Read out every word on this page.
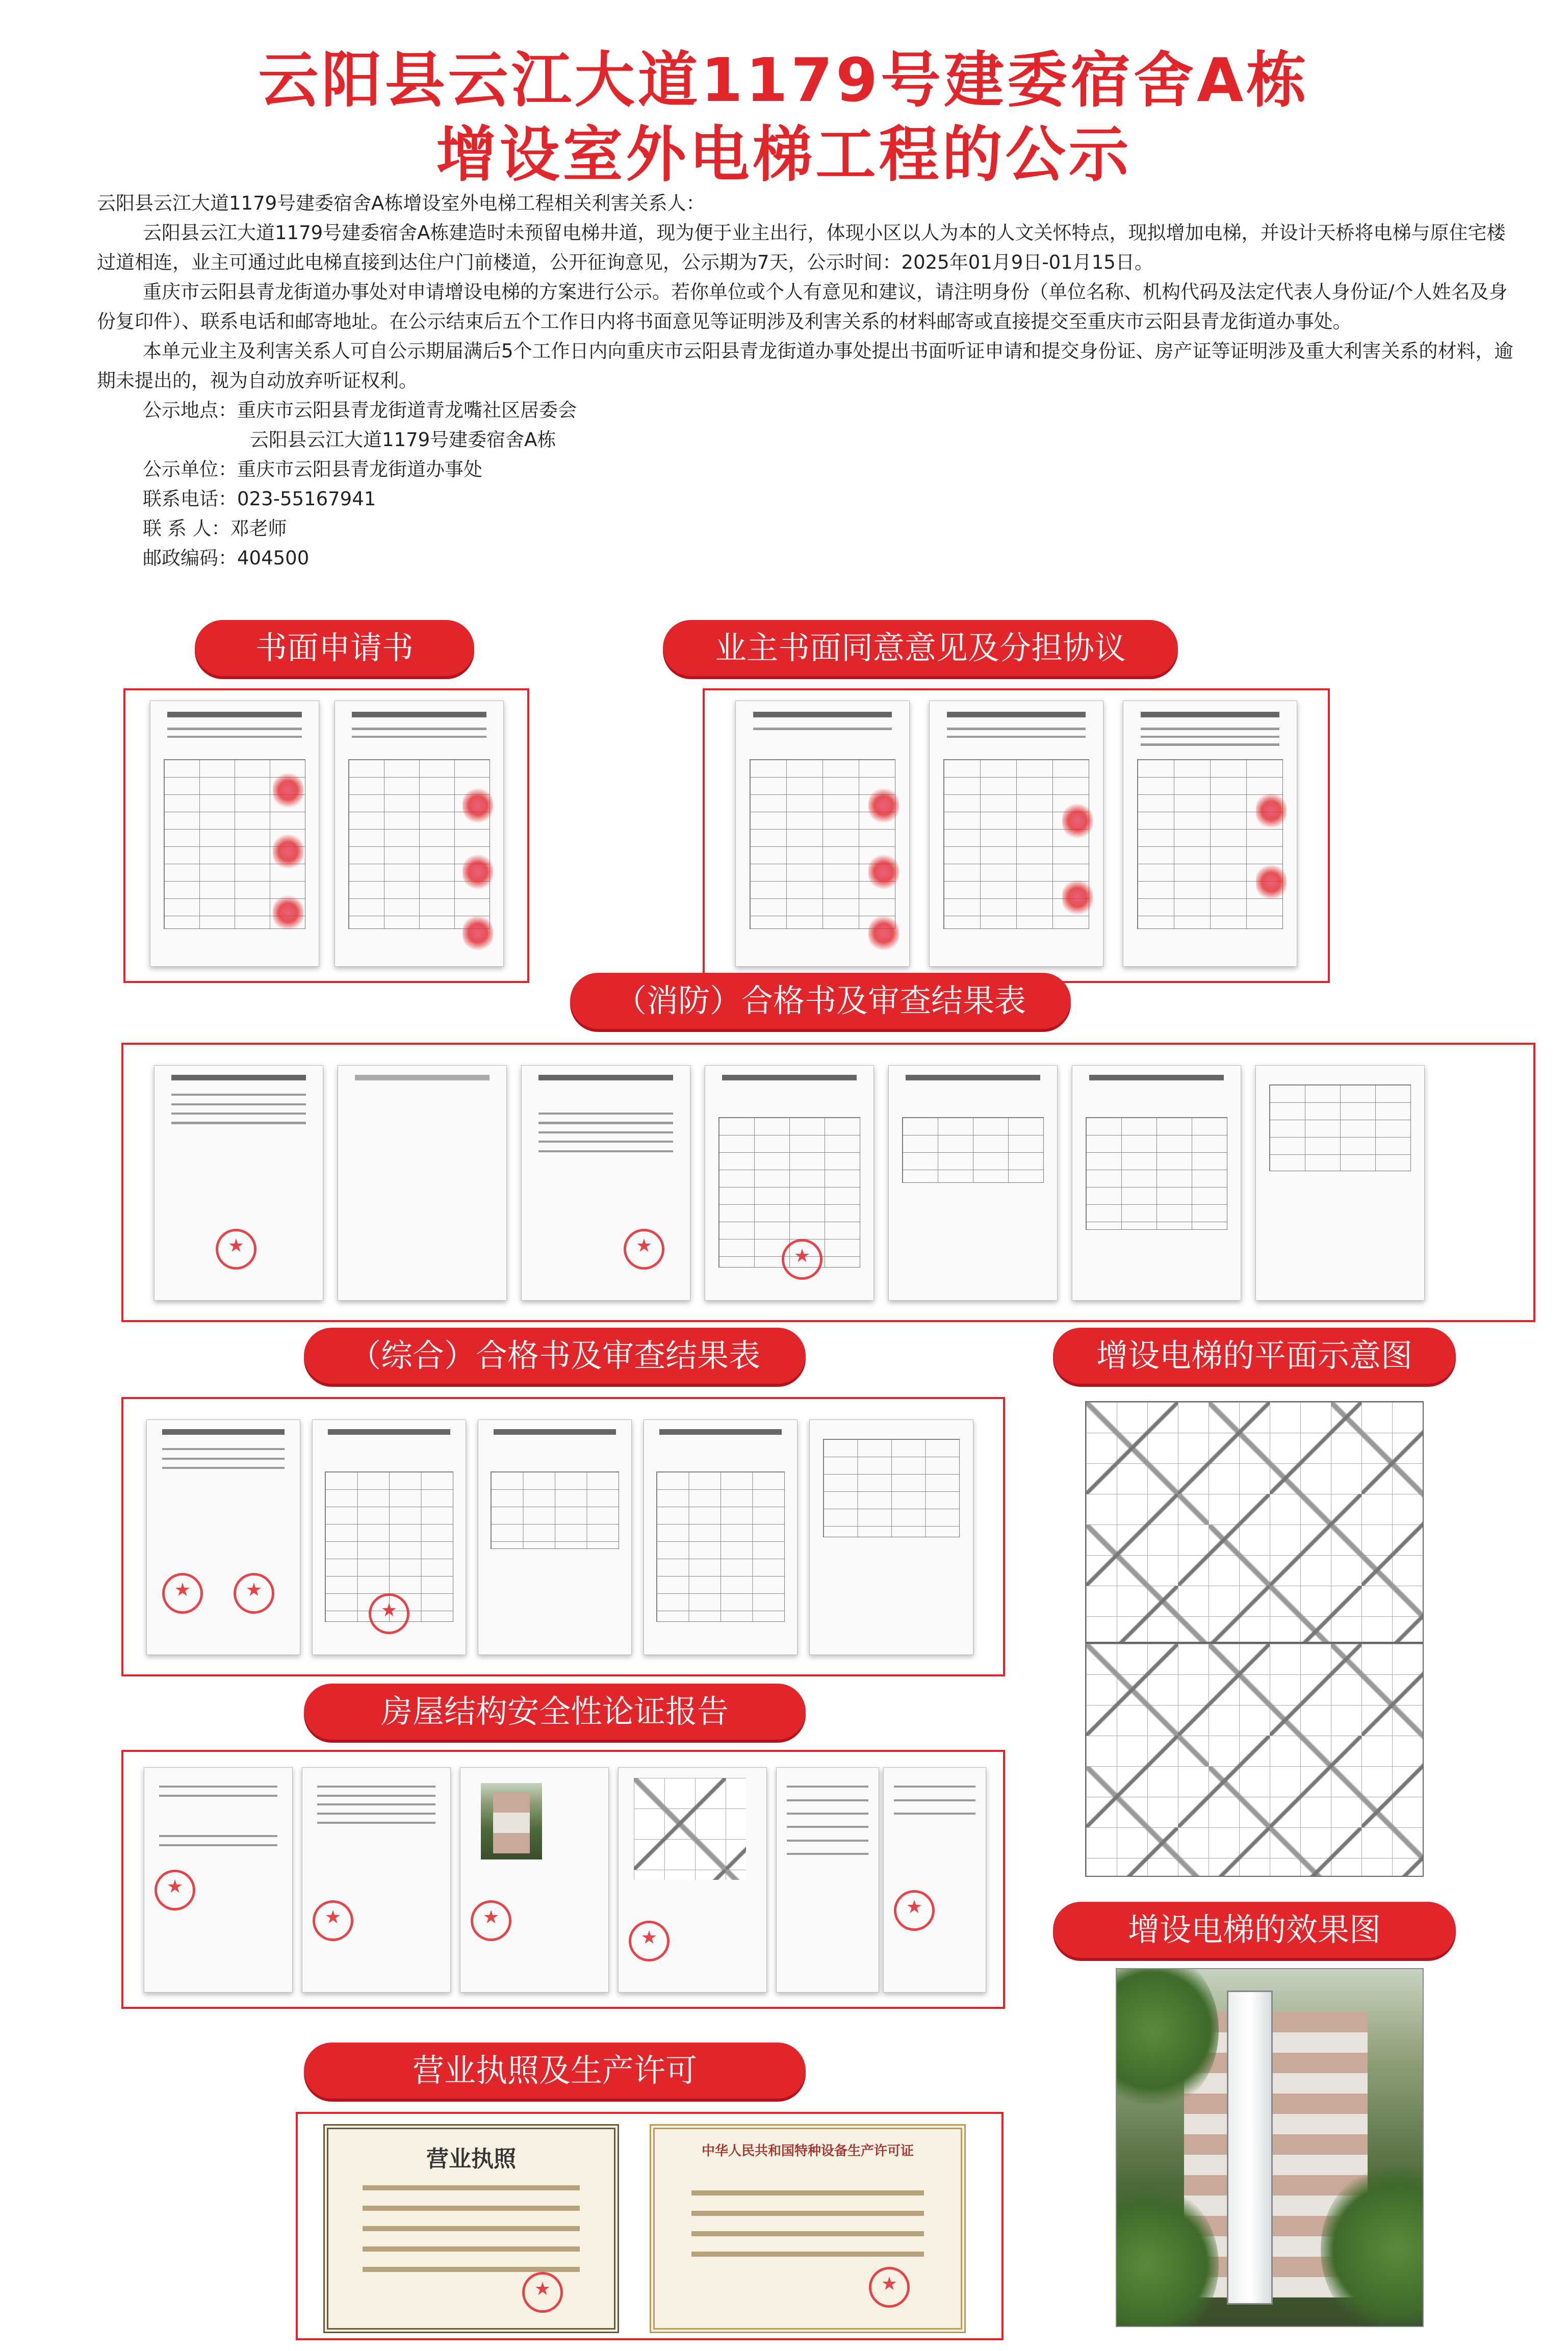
云阳县云江大道1179号建委宿舍A栋
增设室外电梯工程的公示

云阳县云江大道1179号建委宿舍A栋增设室外电梯工程相关利害关系人：

云阳县云江大道1179号建委宿舍A栋建造时未预留电梯井道，现为便于业主出行，体现小区以人为本的人文关怀特点，现拟增加电梯，并设计天桥将电梯与原住宅楼过道相连，业主可通过此电梯直接到达住户门前楼道，公开征询意见，公示期为7天，公示时间：2025年01月9日-01月15日。

重庆市云阳县青龙街道办事处对申请增设电梯的方案进行公示。若你单位或个人有意见和建议，请注明身份（单位名称、机构代码及法定代表人身份证/个人姓名及身份复印件）、联系电话和邮寄地址。在公示结束后五个工作日内将书面意见等证明涉及利害关系的材料邮寄或直接提交至重庆市云阳县青龙街道办事处。

本单元业主及利害关系人可自公示期届满后5个工作日内向重庆市云阳县青龙街道办事处提出书面听证申请和提交身份证、房产证等证明涉及重大利害关系的材料，逾期未提出的，视为自动放弃听证权利。

公示地点：重庆市云阳县青龙街道青龙嘴社区居委会

云阳县云江大道1179号建委宿舍A栋

公示单位：重庆市云阳县青龙街道办事处

联系电话：023-55167941

联 系 人：邓老师

邮政编码：404500

书面申请书	业主书面同意意见及分担协议
（消防）合格书及审查结果表
★
★
★
（综合）合格书及审查结果表
★
★
★	增设电梯的平面示意图
房屋结构安全性论证报告
★
★
★
★
★
增设电梯的效果图
营业执照及生产许可
营业执照
★	中华人民共和国特种设备生产许可证
★
